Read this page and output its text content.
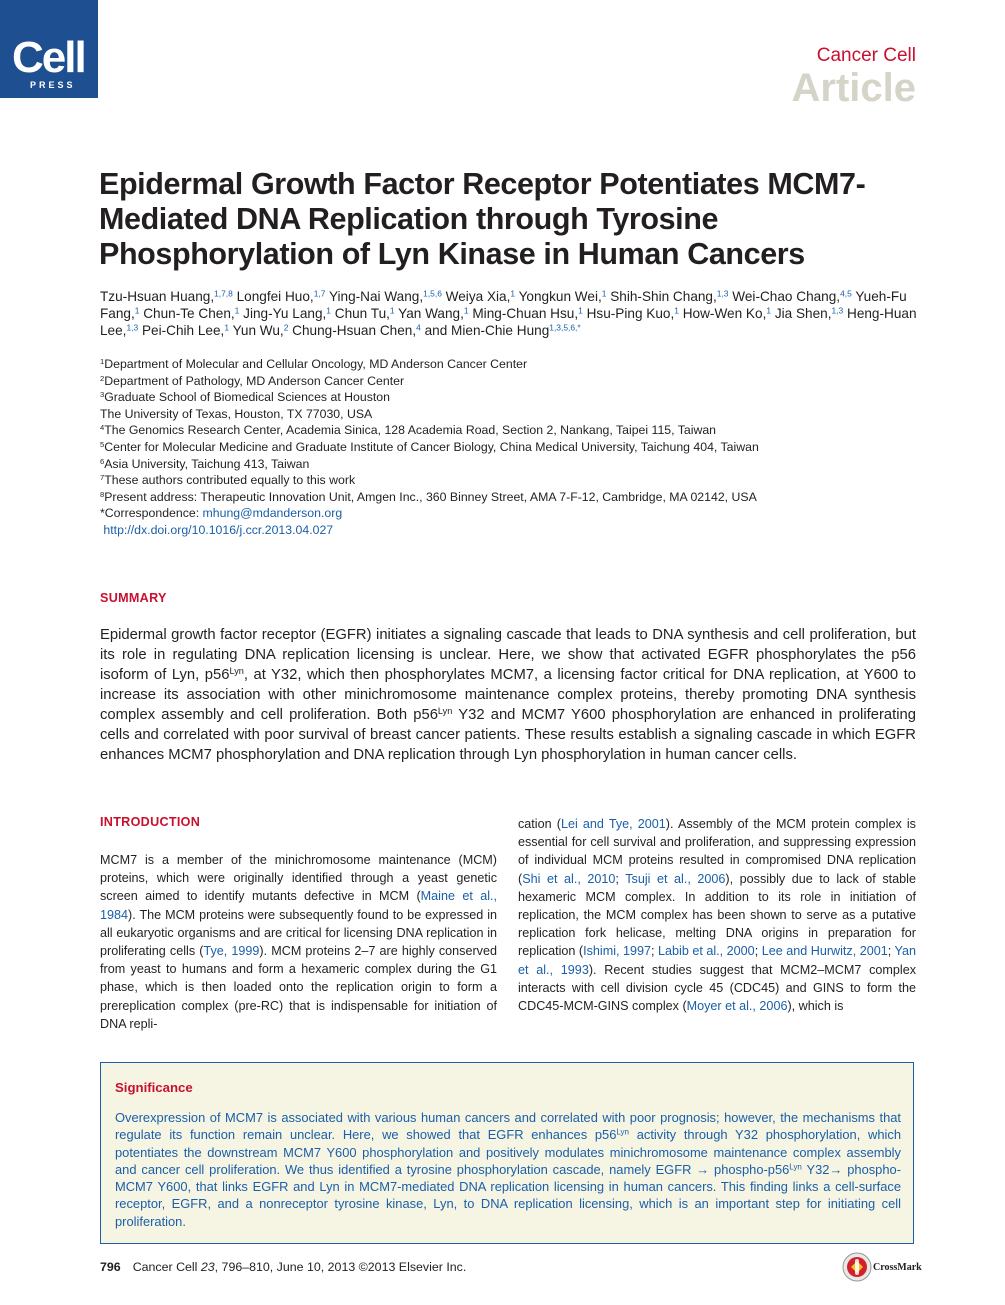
Cell
PRESS
Cancer Cell
Article
Epidermal Growth Factor Receptor Potentiates MCM7-Mediated DNA Replication through Tyrosine Phosphorylation of Lyn Kinase in Human Cancers
Tzu-Hsuan Huang,$^{1,7,8}$ Longfei Huo,$^{1,7}$ Ying-Nai Wang,$^{1,5,6}$ Weiya Xia,$^1$ Yongkun Wei,$^1$ Shih-Shin Chang,$^{1,3}$ Wei-Chao Chang,$^{4,5}$ Yueh-Fu Fang,$^1$ Chun-Te Chen,$^1$ Jing-Yu Lang,$^1$ Chun Tu,$^1$ Yan Wang,$^1$ Ming-Chuan Hsu,$^1$ Hsu-Ping Kuo,$^1$ How-Wen Ko,$^1$ Jia Shen,$^{1,3}$ Heng-Huan Lee,$^{1,3}$ Pei-Chih Lee,$^1$ Yun Wu,$^2$ Chung-Hsuan Chen,$^4$ and Mien-Chie Hung$^{1,3,5,6,*}$
$^1$Department of Molecular and Cellular Oncology, MD Anderson Cancer Center
$^2$Department of Pathology, MD Anderson Cancer Center
$^3$Graduate School of Biomedical Sciences at Houston
The University of Texas, Houston, TX 77030, USA
$^4$The Genomics Research Center, Academia Sinica, 128 Academia Road, Section 2, Nankang, Taipei 115, Taiwan
$^5$Center for Molecular Medicine and Graduate Institute of Cancer Biology, China Medical University, Taichung 404, Taiwan
$^6$Asia University, Taichung 413, Taiwan
$^7$These authors contributed equally to this work
$^8$Present address: Therapeutic Innovation Unit, Amgen Inc., 360 Binney Street, AMA 7-F-12, Cambridge, MA 02142, USA
*Correspondence: mhung@mdanderson.org
http://dx.doi.org/10.1016/j.ccr.2013.04.027
SUMMARY
Epidermal growth factor receptor (EGFR) initiates a signaling cascade that leads to DNA synthesis and cell proliferation, but its role in regulating DNA replication licensing is unclear. Here, we show that activated EGFR phosphorylates the p56 isoform of Lyn, $p56^{Lyn}$, at Y32, which then phosphorylates MCM7, a licensing factor critical for DNA replication, at Y600 to increase its association with other minichromosome maintenance complex proteins, thereby promoting DNA synthesis complex assembly and cell proliferation. Both $p56^{Lyn}$ Y32 and MCM7 Y600 phosphorylation are enhanced in proliferating cells and correlated with poor survival of breast cancer patients. These results establish a signaling cascade in which EGFR enhances MCM7 phosphorylation and DNA replication through Lyn phosphorylation in human cancer cells.
INTRODUCTION
MCM7 is a member of the minichromosome maintenance (MCM) proteins, which were originally identified through a yeast genetic screen aimed to identify mutants defective in MCM (Maine et al., 1984). The MCM proteins were subsequently found to be expressed in all eukaryotic organisms and are critical for licensing DNA replication in proliferating cells (Tye, 1999). MCM proteins 2–7 are highly conserved from yeast to humans and form a hexameric complex during the G1 phase, which is then loaded onto the replication origin to form a prereplication complex (pre-RC) that is indispensable for initiation of DNA repli-
cation (Lei and Tye, 2001). Assembly of the MCM protein complex is essential for cell survival and proliferation, and suppressing expression of individual MCM proteins resulted in compromised DNA replication (Shi et al., 2010; Tsuji et al., 2006), possibly due to lack of stable hexameric MCM complex. In addition to its role in initiation of replication, the MCM complex has been shown to serve as a putative replication fork helicase, melting DNA origins in preparation for replication (Ishimi, 1997; Labib et al., 2000; Lee and Hurwitz, 2001; Yan et al., 1993). Recent studies suggest that MCM2–MCM7 complex interacts with cell division cycle 45 (CDC45) and GINS to form the CDC45-MCM-GINS complex (Moyer et al., 2006), which is
Significance
Overexpression of MCM7 is associated with various human cancers and correlated with poor prognosis; however, the mechanisms that regulate its function remain unclear. Here, we showed that EGFR enhances $p56^{Lyn}$ activity through Y32 phosphorylation, which potentiates the downstream MCM7 Y600 phosphorylation and positively modulates minichromosome maintenance complex assembly and cancer cell proliferation. We thus identified a tyrosine phosphorylation cascade, namely EGFR → phospho-$p56^{Lyn}$ Y32→ phospho-MCM7 Y600, that links EGFR and Lyn in MCM7-mediated DNA replication licensing in human cancers. This finding links a cell-surface receptor, EGFR, and a nonreceptor tyrosine kinase, Lyn, to DNA replication licensing, which is an important step for initiating cell proliferation.
796 Cancer Cell 23, 796–810, June 10, 2013 ©2013 Elsevier Inc.	CrossMark
